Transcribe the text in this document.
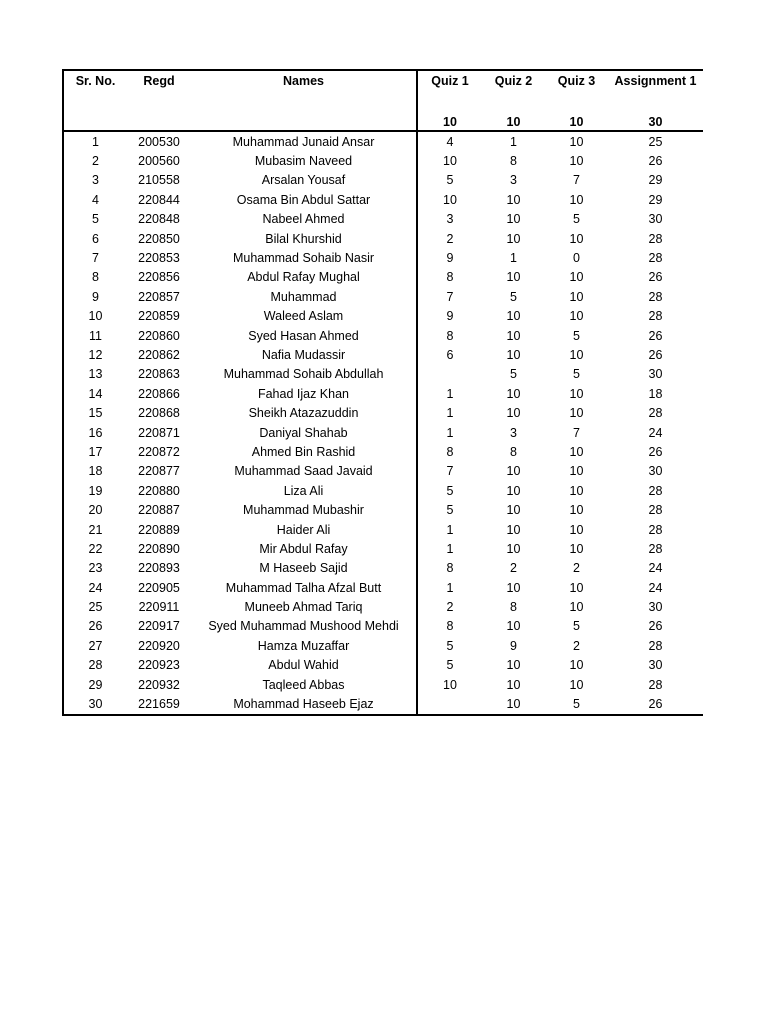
Sr. No.	Regd	Names	Quiz 1	Quiz 2	Quiz 3	Assignment 1

			10	10	10	30
1	200530	Muhammad Junaid Ansar	4	1	10	25
2	200560	Mubasim Naveed	10	8	10	26
3	210558	Arsalan Yousaf	5	3	7	29
4	220844	Osama Bin Abdul Sattar	10	10	10	29
5	220848	Nabeel Ahmed	3	10	5	30
6	220850	Bilal Khurshid	2	10	10	28
7	220853	Muhammad Sohaib Nasir	9	1	0	28
8	220856	Abdul Rafay Mughal	8	10	10	26
9	220857	Muhammad	7	5	10	28
10	220859	Waleed Aslam	9	10	10	28
11	220860	Syed Hasan Ahmed	8	10	5	26
12	220862	Nafia Mudassir	6	10	10	26
13	220863	Muhammad Sohaib Abdullah		5	5	30
14	220866	Fahad Ijaz Khan	1	10	10	18
15	220868	Sheikh Atazazuddin	1	10	10	28
16	220871	Daniyal Shahab	1	3	7	24
17	220872	Ahmed Bin Rashid	8	8	10	26
18	220877	Muhammad Saad Javaid	7	10	10	30
19	220880	Liza Ali	5	10	10	28
20	220887	Muhammad Mubashir	5	10	10	28
21	220889	Haider Ali	1	10	10	28
22	220890	Mir Abdul Rafay	1	10	10	28
23	220893	M Haseeb Sajid	8	2	2	24
24	220905	Muhammad Talha Afzal Butt	1	10	10	24
25	220911	Muneeb Ahmad Tariq	2	8	10	30
26	220917	Syed Muhammad Mushood Mehdi	8	10	5	26
27	220920	Hamza Muzaffar	5	9	2	28
28	220923	Abdul Wahid	5	10	10	30
29	220932	Taqleed Abbas	10	10	10	28
30	221659	Mohammad Haseeb Ejaz		10	5	26
